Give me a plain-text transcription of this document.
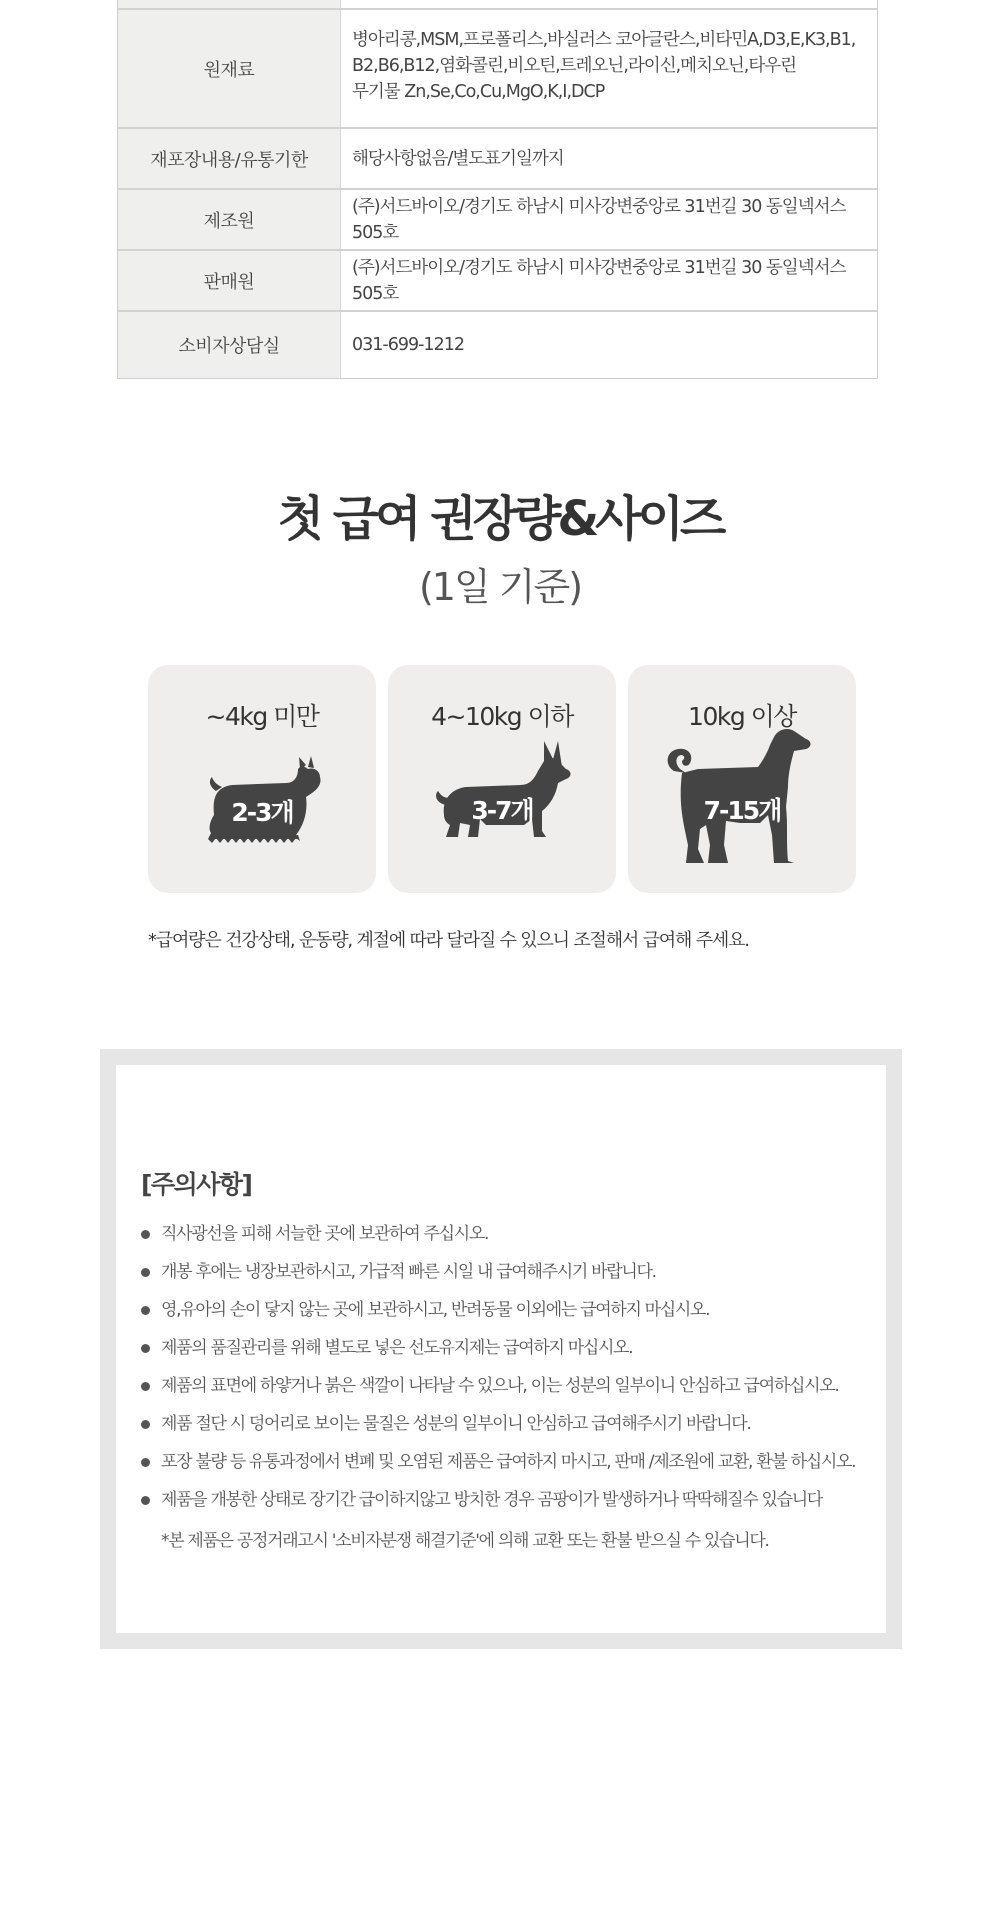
원재료
병아리콩,MSM,프로폴리스,바실러스 코아글란스,비타민A,D3,E,K3,B1,
B2,B6,B12,염화콜린,비오틴,트레오닌,라이신,메치오닌,타우린
무기물 Zn,Se,Co,Cu,MgO,K,I,DCP
재포장내용/유통기한	해당사항없음/별도표기일까지
제조원
(주)서드바이오/경기도 하남시 미사강변중앙로 31번길 30 동일넥서스 505호
판매원
(주)서드바이오/경기도 하남시 미사강변중앙로 31번길 30 동일넥서스 505호
소비자상담실	031-699-1212
첫 급여 권장량&사이즈
(1일 기준)
~4kg 미만
2-3개
4~10kg 이하
3-7개
10kg 이상
7-15개
*급여량은 건강상태, 운동량, 계절에 따라 달라질 수 있으니 조절해서 급여해 주세요.
[주의사항]
직사광선을 피해 서늘한 곳에 보관하여 주십시오.
개봉 후에는 냉장보관하시고, 가급적 빠른 시일 내 급여해주시기 바랍니다.
영,유아의 손이 닿지 않는 곳에 보관하시고, 반려동물 이외에는 급여하지 마십시오.
제품의 품질관리를 위해 별도로 넣은 선도유지제는 급여하지 마십시오.
제품의 표면에 하얗거나 붉은 색깔이 나타날 수 있으나, 이는 성분의 일부이니 안심하고 급여하십시오.
제품 절단 시 덩어리로 보이는 물질은 성분의 일부이니 안심하고 급여해주시기 바랍니다.
포장 불량 등 유통과정에서 변폐 및 오염된 제품은 급여하지 마시고, 판매 /제조원에 교환, 환불 하십시오.
제품을 개봉한 상태로 장기간 급이하지않고 방치한 경우 곰팡이가 발생하거나 딱딱해질수 있습니다
*본 제품은 공정거래고시 '소비자분쟁 해결기준'에 의해 교환 또는 환불 받으실 수 있습니다.
